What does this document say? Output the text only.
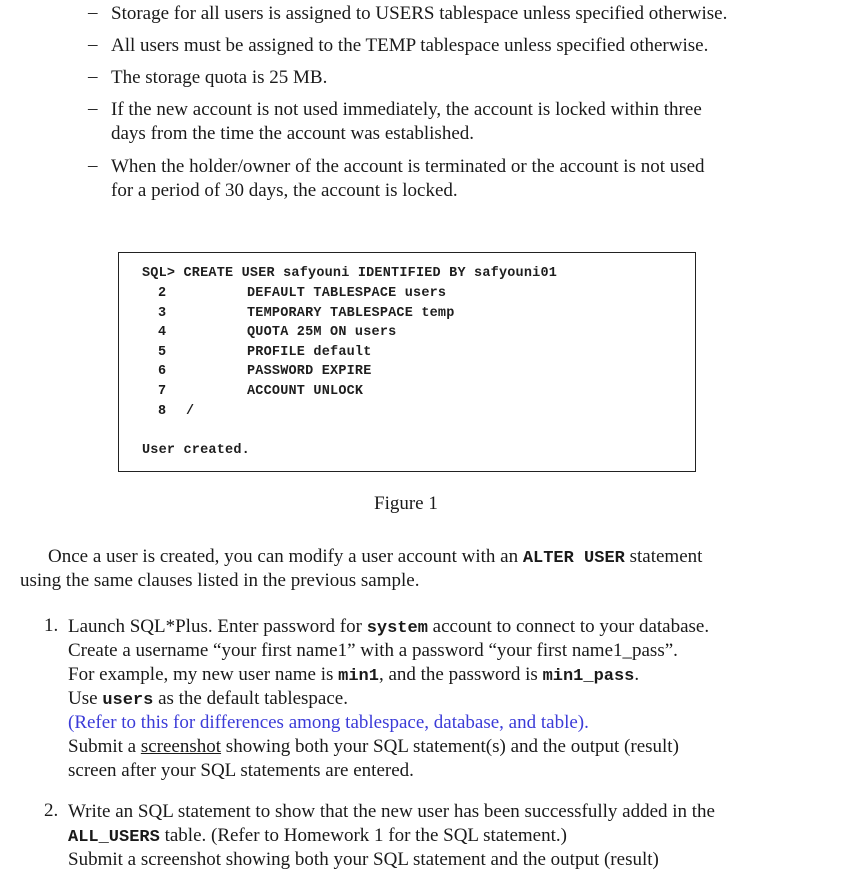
– Storage for all users is assigned to USERS tablespace unless specified otherwise.
– All users must be assigned to the TEMP tablespace unless specified otherwise.
– The storage quota is 25 MB.
– If the new account is not used immediately, the account is locked within three
days from the time the account was established.
– When the holder/owner of the account is terminated or the account is not used
for a period of 30 days, the account is locked.
SQL> CREATE USER safyouni IDENTIFIED BY safyouni01
2	DEFAULT TABLESPACE users
3	TEMPORARY TABLESPACE temp
4	QUOTA 25M ON users
5	PROFILE default
6	PASSWORD EXPIRE
7	ACCOUNT UNLOCK
8 /
User created.
Figure 1
Once a user is created, you can modify a user account with an ALTER USER statement
using the same clauses listed in the previous sample.
1. Launch SQL*Plus. Enter password for system account to connect to your database.
Create a username “your first name1” with a password “your first name1_pass”.
For example, my new user name is min1, and the password is min1_pass.
Use users as the default tablespace.
(Refer to this for differences among tablespace, database, and table).
Submit a screenshot showing both your SQL statement(s) and the output (result)
screen after your SQL statements are entered.
2. Write an SQL statement to show that the new user has been successfully added in the
ALL_USERS table. (Refer to Homework 1 for the SQL statement.)
Submit a screenshot showing both your SQL statement and the output (result)
